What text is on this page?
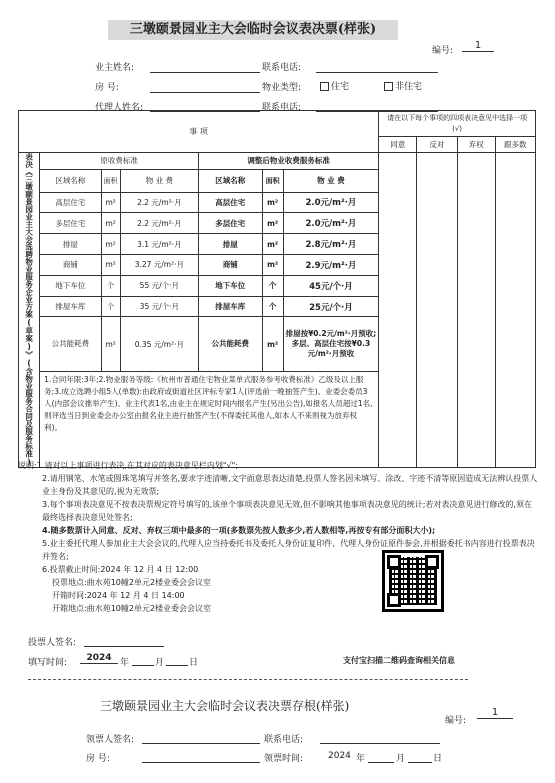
三墩颐景园业主大会临时会议表决票(样张)
编号:	1
业主姓名:	联系电话:
房 号:	物业类型:	住宅	非住宅
代理人姓名:	联系电话:
事 项							请在以下每个事项的四项表决意见中选择一项(√)			
							同意	反对	弃权	跟多数
表决《三墩颐景园业主大会选聘物业服务企业方案(草案)》(含物业服务合同及服务标准)	原收费标准			调整后物业收费服务标准						
	区域名称	面积	物 业 费	区域名称	面积	物 业 费				
	高层住宅	m²	2.2 元/m²·月	高层住宅	m²	2.0元/m²·月				
	多层住宅	m²	2.2 元/m²·月	多层住宅	m²	2.0元/m²·月				
	排屋	m²	3.1 元/m²·月	排屋	m²	2.8元/m²·月				
	商铺	m²	3.27 元/m²·月	商铺	m²	2.9元/m²·月				
	地下车位	个	55 元/个·月	地下车位	个	45元/个·月				
	排屋车库	个	35 元/个·月	排屋车库	个	25元/个·月				
	公共能耗费	m²	0.35 元/m²·月	公共能耗费	m²	排屋按¥0.2元/m²·月预收;多层、高层住宅按¥0.3元/m²·月预收				
	1.合同年限:3年;2.物业服务等级:《杭州市普通住宅物业菜单式服务参考收费标准》乙级及以上服务;3.成立选聘小组5人(单数):由政府或街道社区评标专家1人(评选前一晚抽签产生)、业委会委员3人(内部会议推举产生)、业主代表1名,由业主在规定时间内报名产生(另出公告),如报名人员超过1名,则评选当日到业委会办公室由报名业主进行抽签产生(不得委托其他人,如本人不来则视为放弃权利)。									
说明:1.请对以上事项进行表决,在其对应的表决意见栏内划"√";
2.请用钢笔、水笔或圆珠笔填写并签名,要求字迹清晰,文字面意思表达清楚,投票人签名因未填写、涂改、字迹不清等原因造成无法辨认投票人业主身份及其意见的,视为无效票;
3.每个事项表决意见不按表决票规定符号填写的,该单个事项表决意见无效,但不影响其他事项表决意见的统计;若对表决意见进行修改的,须在最终选择表决意见处签名;
4.随多数票计入同意、反对、弃权三项中最多的一项(多数票先按人数多少,若人数相等,再按专有部分面积大小);
5.业主委托代理人参加业主大会会议的,代理人应当持委托书及委托人身份证复印件、代理人身份证原件参会,并根据委托书内容进行投票表决并签名;
6.投票截止时间:2024 年 12 月 4 日 12:00
投票地点:曲水苑10幢2单元2楼业委会会议室
开箱时间:2024 年 12 月 4 日 14:00
开箱地点:曲水苑10幢2单元2楼业委会会议室
投票人签名:
填写时间:	2024 年	月	日	支付宝扫描二维码查询相关信息
三墩颐景园业主大会临时会议表决票存根(样张)
编号:
1
领票人签名:	联系电话:
房 号:	领票时间:	2024 年	月	日
